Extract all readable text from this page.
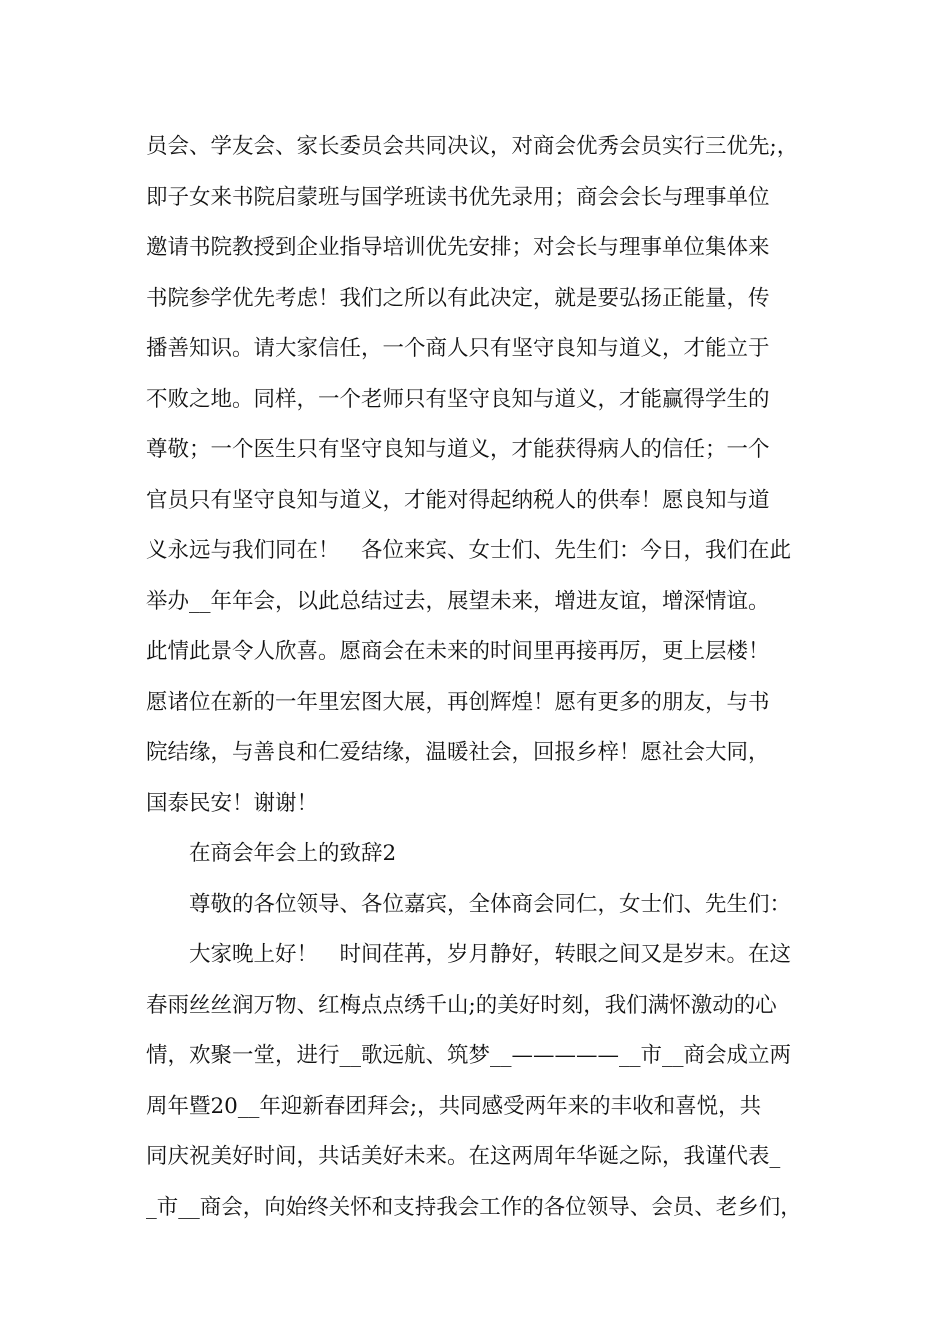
员会、学友会、家长委员会共同决议，对商会优秀会员实行三优先;，
即子女来书院启蒙班与国学班读书优先录用；商会会长与理事单位
邀请书院教授到企业指导培训优先安排；对会长与理事单位集体来
书院参学优先考虑！我们之所以有此决定，就是要弘扬正能量，传
播善知识。请大家信任，一个商人只有坚守良知与道义，才能立于
不败之地。同样，一个老师只有坚守良知与道义，才能赢得学生的
尊敬；一个医生只有坚守良知与道义，才能获得病人的信任；一个
官员只有坚守良知与道义，才能对得起纳税人的供奉！愿良知与道
义永远与我们同在！　各位来宾、女士们、先生们：今日，我们在此
举办__年年会，以此总结过去，展望未来，增进友谊，增深情谊。
此情此景令人欣喜。愿商会在未来的时间里再接再厉，更上层楼！
愿诸位在新的一年里宏图大展，再创辉煌！愿有更多的朋友，与书
院结缘，与善良和仁爱结缘，温暖社会，回报乡梓！愿社会大同，
国泰民安！谢谢！
在商会年会上的致辞2
尊敬的各位领导、各位嘉宾，全体商会同仁，女士们、先生们：
大家晚上好！　时间荏苒，岁月静好，转眼之间又是岁末。在这
春雨丝丝润万物、红梅点点绣千山;的美好时刻，我们满怀激动的心
情，欢聚一堂，进行__歌远航、筑梦__—————__市__商会成立两
周年暨20__年迎新春团拜会;，共同感受两年来的丰收和喜悦，共
同庆祝美好时间，共话美好未来。在这两周年华诞之际，我谨代表_
_市__商会，向始终关怀和支持我会工作的各位领导、会员、老乡们，
